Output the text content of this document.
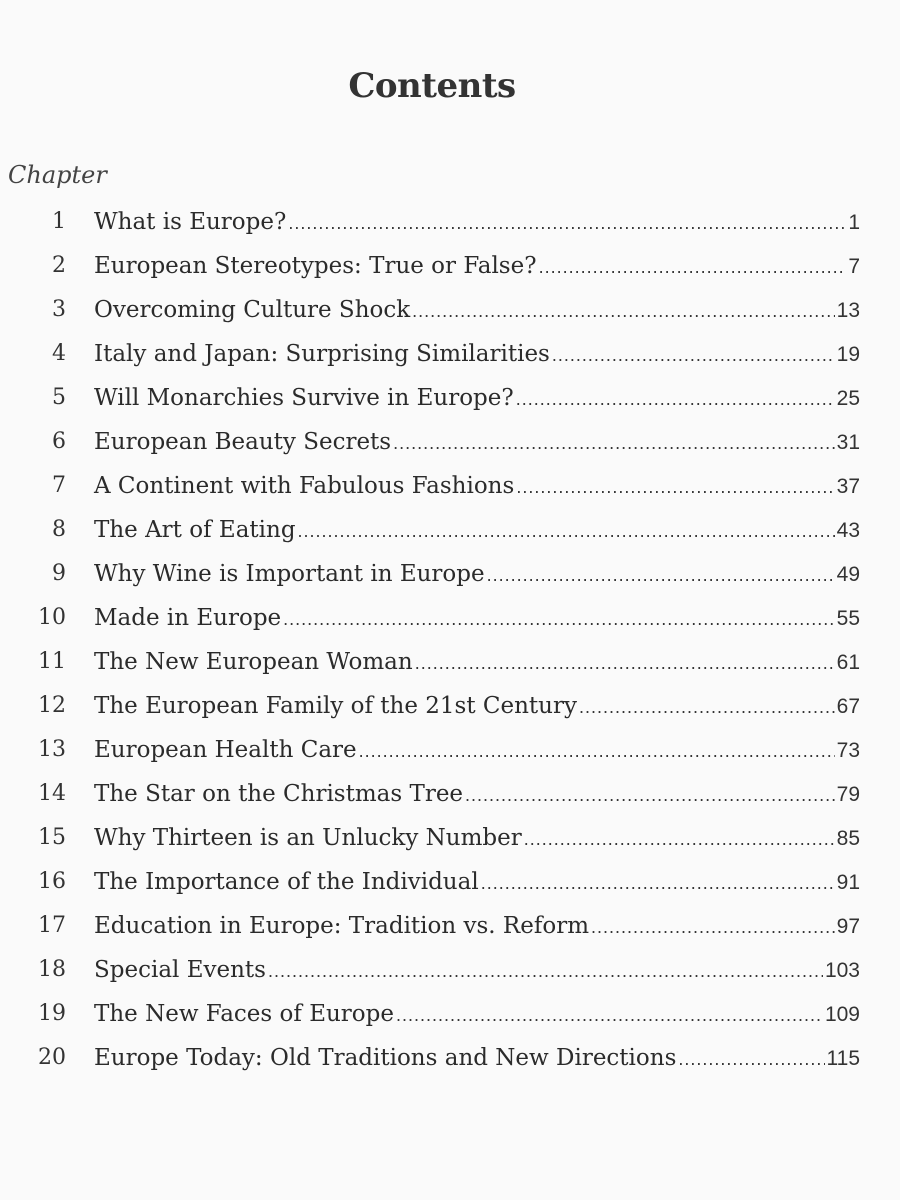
Contents
Chapter
1 What is Europe? .....	1
2 European Stereotypes: True or False? .....	7
3 Overcoming Culture Shock .....	13
4 Italy and Japan: Surprising Similarities .....	19
5 Will Monarchies Survive in Europe? .....	25
6 European Beauty Secrets .....	31
7 A Continent with Fabulous Fashions .....	37
8 The Art of Eating .....	43
9 Why Wine is Important in Europe .....	49
10 Made in Europe .....	55
11 The New European Woman .....	61
12 The European Family of the 21st Century .....	67
13 European Health Care .....	73
14 The Star on the Christmas Tree .....	79
15 Why Thirteen is an Unlucky Number .....	85
16 The Importance of the Individual .....	91
17 Education in Europe: Tradition vs. Reform .....	97
18 Special Events .....	103
19 The New Faces of Europe .....	109
20 Europe Today: Old Traditions and New Directions .....	115
